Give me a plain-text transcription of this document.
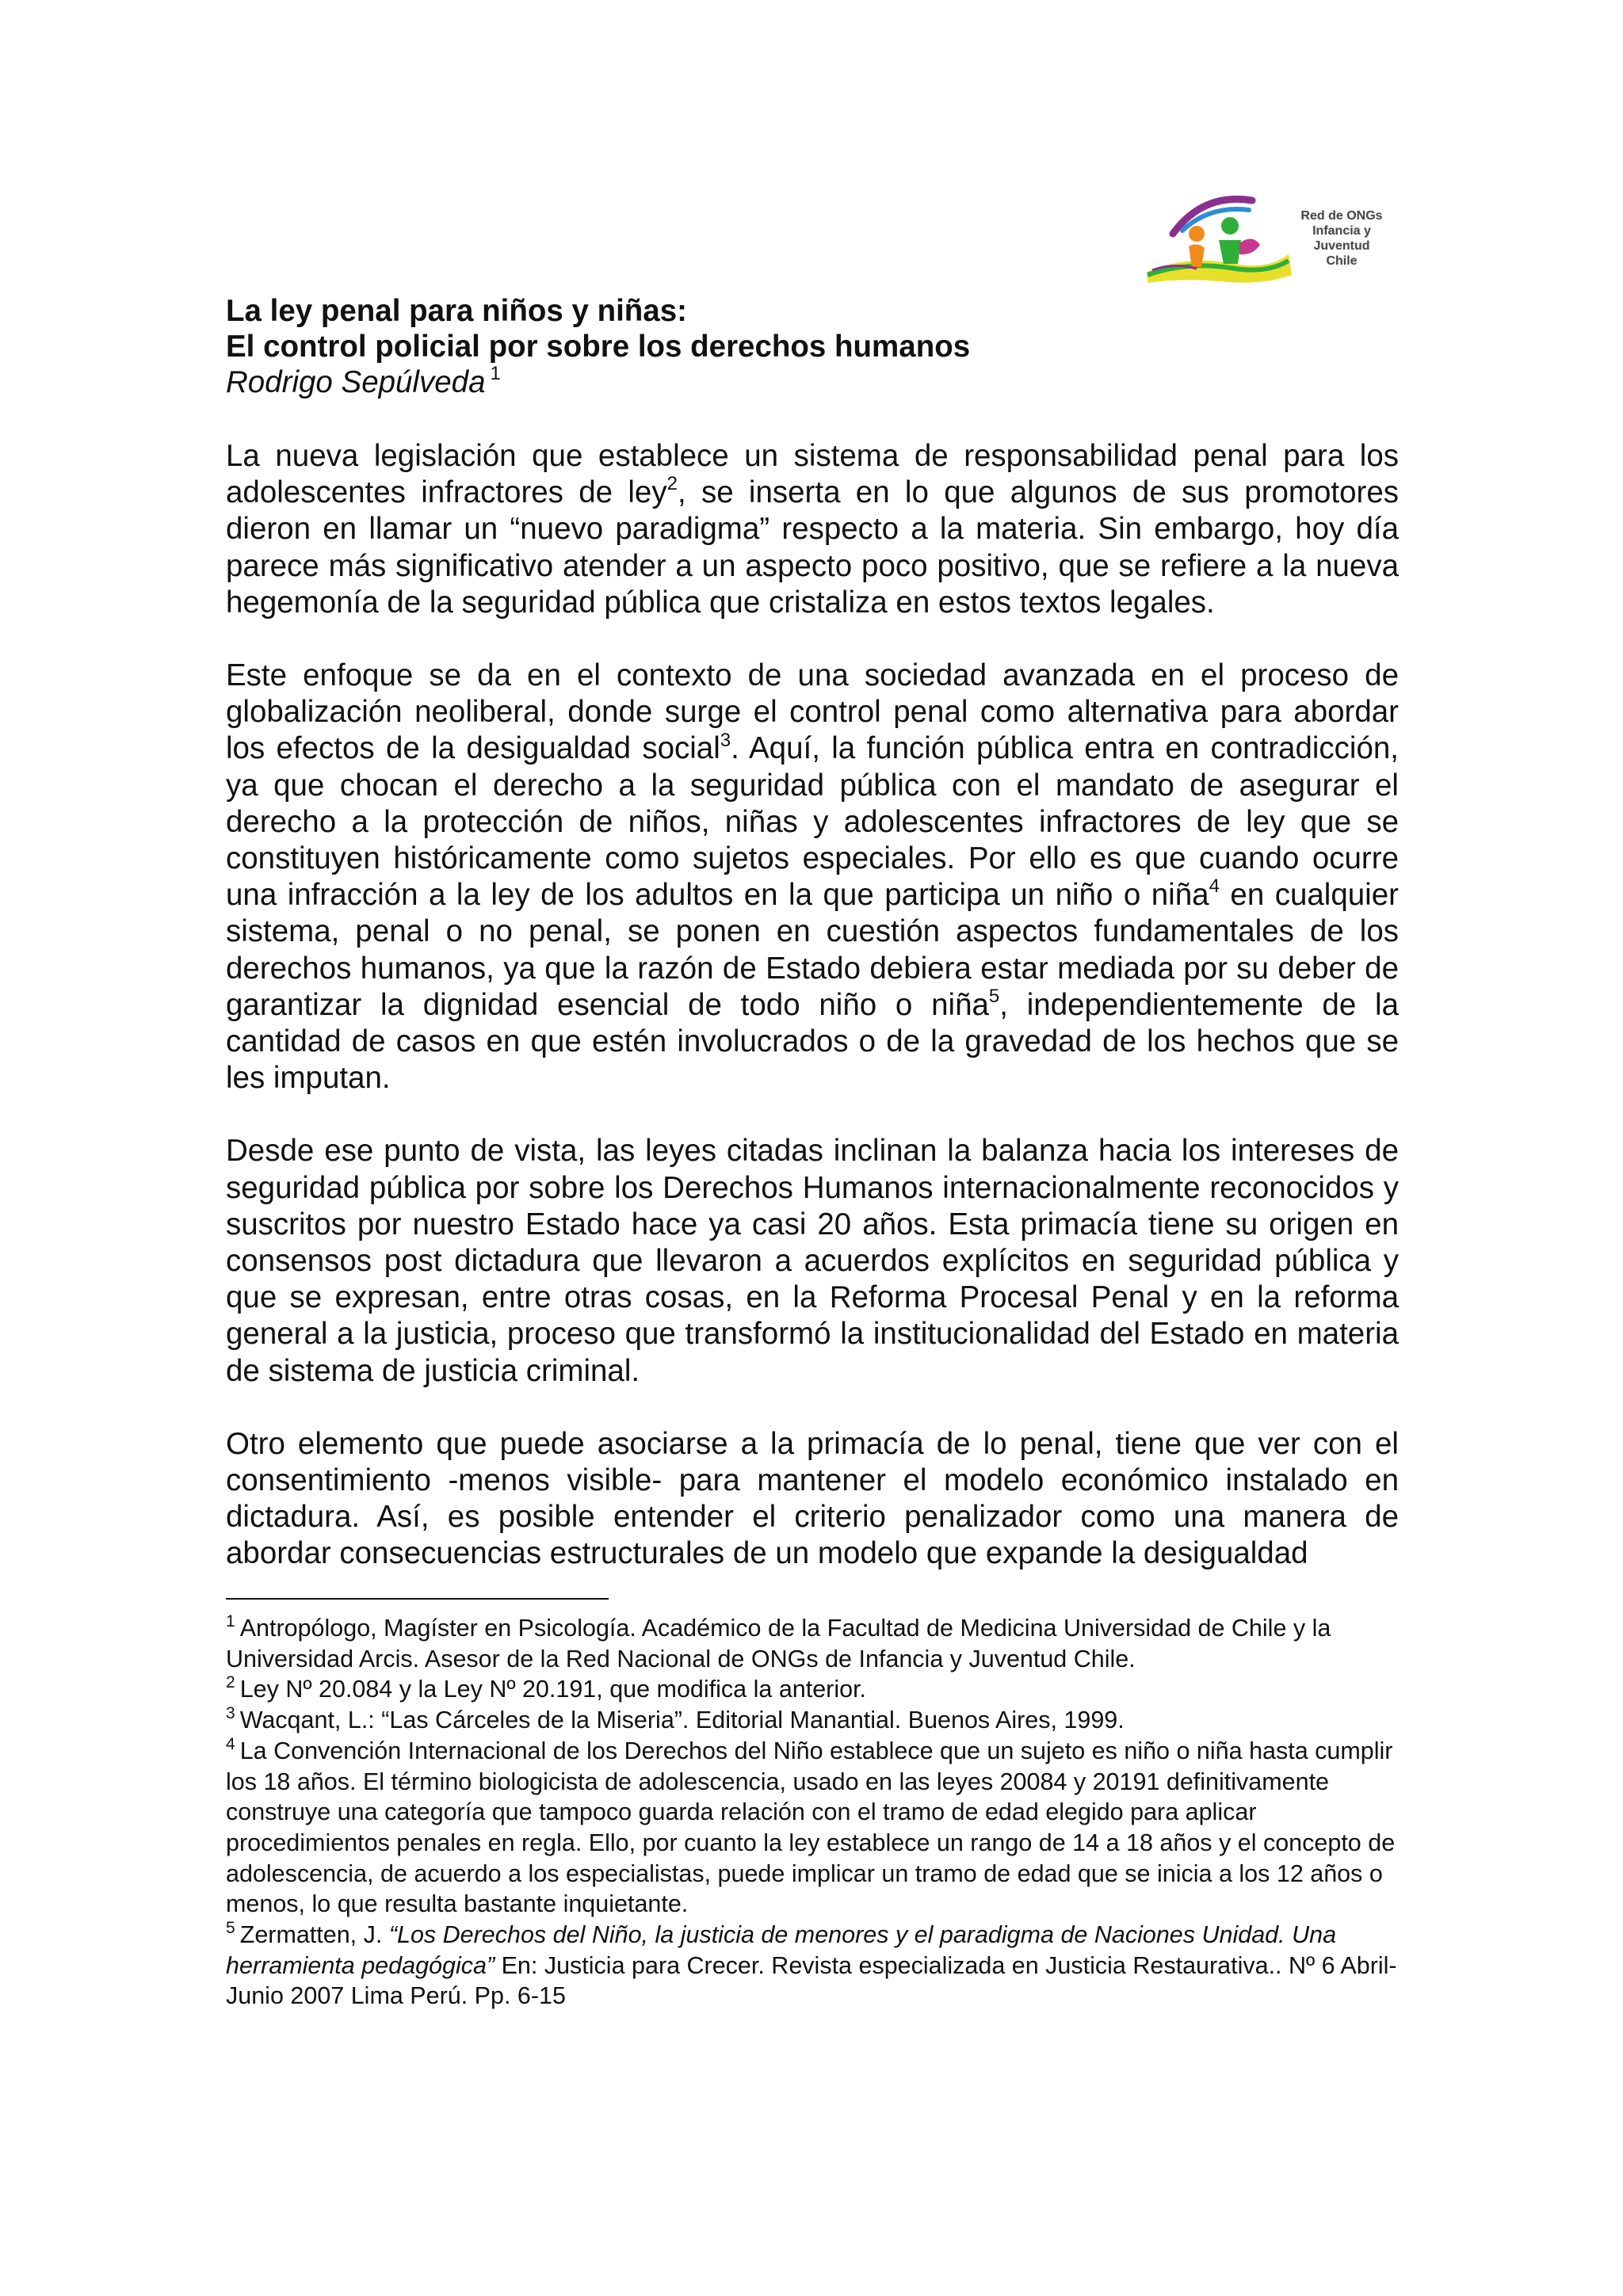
Red de ONGs
Infancia y
Juventud
Chile
La ley penal para niños y niñas:
El control policial por sobre los derechos humanos
Rodrigo Sepúlveda $^1$

La nueva legislación que establece un sistema de responsabilidad penal para los adolescentes infractores de ley$^2$, se inserta en lo que algunos de sus promotores dieron en llamar un “nuevo paradigma” respecto a la materia. Sin embargo, hoy día parece más significativo atender a un aspecto poco positivo, que se refiere a la nueva hegemonía de la seguridad pública que cristaliza en estos textos legales.

Este enfoque se da en el contexto de una sociedad avanzada en el proceso de globalización neoliberal, donde surge el control penal como alternativa para abordar los efectos de la desigualdad social$^3$. Aquí, la función pública entra en contradicción, ya que chocan el derecho a la seguridad pública con el mandato de asegurar el derecho a la protección de niños, niñas y adolescentes infractores de ley que se constituyen históricamente como sujetos especiales. Por ello es que cuando ocurre una infracción a la ley de los adultos en la que participa un niño o niña$^4$ en cualquier sistema, penal o no penal, se ponen en cuestión aspectos fundamentales de los derechos humanos, ya que la razón de Estado debiera estar mediada por su deber de garantizar la dignidad esencial de todo niño o niña$^5$, independientemente de la cantidad de casos en que estén involucrados o de la gravedad de los hechos que se les imputan.

Desde ese punto de vista, las leyes citadas inclinan la balanza hacia los intereses de seguridad pública por sobre los Derechos Humanos internacionalmente reconocidos y suscritos por nuestro Estado hace ya casi 20 años. Esta primacía tiene su origen en consensos post dictadura que llevaron a acuerdos explícitos en seguridad pública y que se expresan, entre otras cosas, en la Reforma Procesal Penal y en la reforma general a la justicia, proceso que transformó la institucionalidad del Estado en materia de sistema de justicia criminal.

Otro elemento que puede asociarse a la primacía de lo penal, tiene que ver con el consentimiento -menos visible- para mantener el modelo económico instalado en dictadura. Así, es posible entender el criterio penalizador como una manera de abordar consecuencias estructurales de un modelo que expande la desigualdad

$^1$ Antropólogo, Magíster en Psicología. Académico de la Facultad de Medicina Universidad de Chile y la Universidad Arcis. Asesor de la Red Nacional de ONGs de Infancia y Juventud Chile.
$^2$ Ley Nº 20.084 y la Ley Nº 20.191, que modifica la anterior.
$^3$ Wacqant, L.: “Las Cárceles de la Miseria”. Editorial Manantial. Buenos Aires, 1999.
$^4$ La Convención Internacional de los Derechos del Niño establece que un sujeto es niño o niña hasta cumplir los 18 años. El término biologicista de adolescencia, usado en las leyes 20084 y 20191 definitivamente construye una categoría que tampoco guarda relación con el tramo de edad elegido para aplicar procedimientos penales en regla. Ello, por cuanto la ley establece un rango de 14 a 18 años y el concepto de adolescencia, de acuerdo a los especialistas, puede implicar un tramo de edad que se inicia a los 12 años o menos, lo que resulta bastante inquietante.
$^5$ Zermatten, J. “Los Derechos del Niño, la justicia de menores y el paradigma de Naciones Unidad. Una herramienta pedagógica” En: Justicia para Crecer. Revista especializada en Justicia Restaurativa.. Nº 6 Abril-Junio 2007 Lima Perú. Pp. 6-15
